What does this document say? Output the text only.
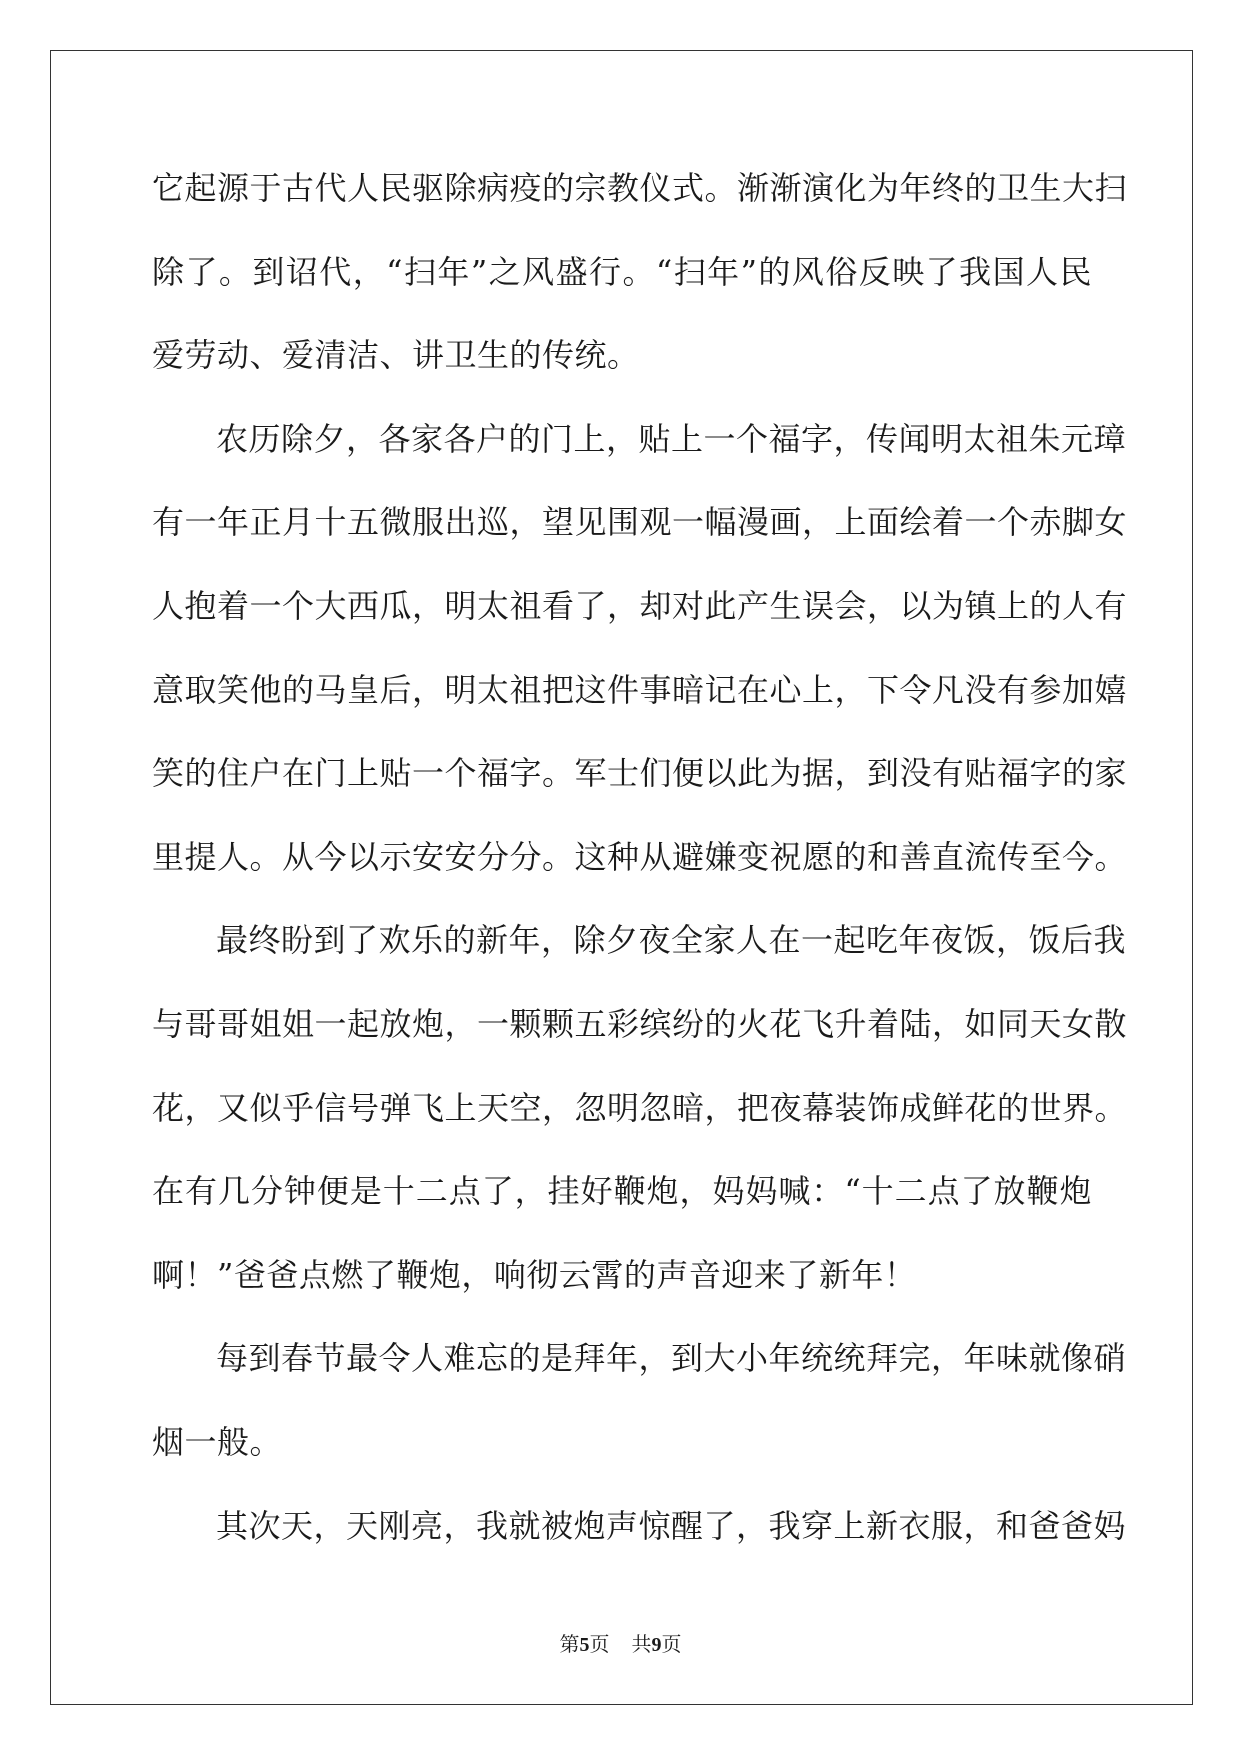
它起源于古代人民驱除病疫的宗教仪式。渐渐演化为年终的卫生大扫
除了。到诏代，“扫年”之风盛行。“扫年”的风俗反映了我国人民
爱劳动、爱清洁、讲卫生的传统。
农历除夕，各家各户的门上，贴上一个福字，传闻明太祖朱元璋
有一年正月十五微服出巡，望见围观一幅漫画，上面绘着一个赤脚女
人抱着一个大西瓜，明太祖看了，却对此产生误会，以为镇上的人有
意取笑他的马皇后，明太祖把这件事暗记在心上，下令凡没有参加嬉
笑的住户在门上贴一个福字。军士们便以此为据，到没有贴福字的家
里提人。从今以示安安分分。这种从避嫌变祝愿的和善直流传至今。
最终盼到了欢乐的新年，除夕夜全家人在一起吃年夜饭，饭后我
与哥哥姐姐一起放炮，一颗颗五彩缤纷的火花飞升着陆，如同天女散
花，又似乎信号弹飞上天空，忽明忽暗，把夜幕装饰成鲜花的世界。
在有几分钟便是十二点了，挂好鞭炮，妈妈喊：“十二点了放鞭炮
啊！”爸爸点燃了鞭炮，响彻云霄的声音迎来了新年！
每到春节最令人难忘的是拜年，到大小年统统拜完，年味就像硝
烟一般。
其次天，天刚亮，我就被炮声惊醒了，我穿上新衣服，和爸爸妈
第5页 共9页
